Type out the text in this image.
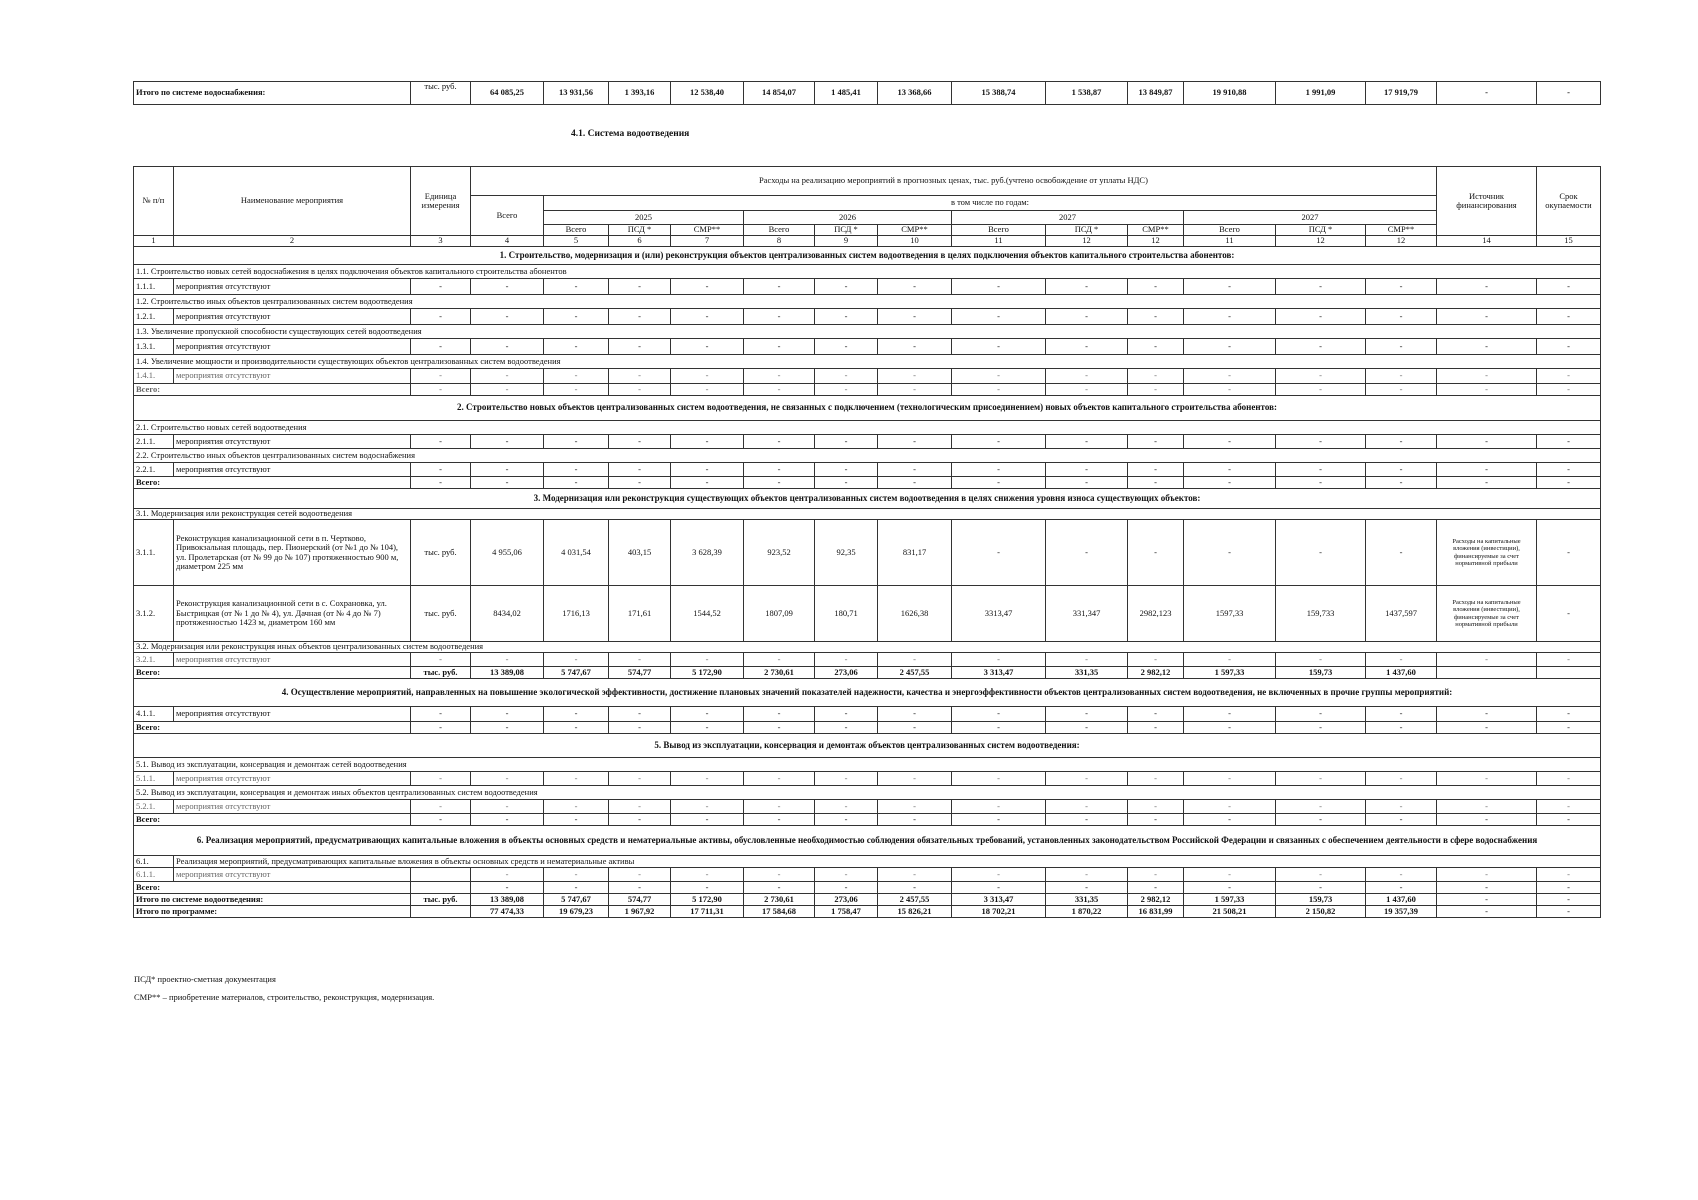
Итого по системе водоснабжения:	тыс. руб.	64 085,25	13 931,56	1 393,16	12 538,40	14 854,07	1 485,41	13 368,66	15 388,74	1 538,87	13 849,87	19 910,88	1 991,09	17 919,79	-	-
4.1. Система водоотведения
№ п/п	Наименование мероприятия	Единица измерения	Расходы на реализацию мероприятий в прогнозных ценах, тыс. руб.(учтено освобождение от уплаты НДС)													Источник финансирования	Срок окупаемости
			Всего	в том числе по годам:													
				2025			2026			2027			2027				
				Всего	ПСД *	СМР**	Всего	ПСД *	СМР**	Всего	ПСД *	СМР**	Всего	ПСД *	СМР**		
1	2	3	4	5	6	7	8	9	10	11	12	12	11	12	12	14	15
1. Строительство, модернизация и (или) реконструкция объектов централизованных систем водоотведения в целях подключения объектов капитального строительства абонентов:																	
1.1. Строительство новых сетей водоснабжения в целях подключения объектов капитального строительства абонентов																	
1.1.1.	мероприятия отсутствуют	-	-	-	-	-	-	-	-	-	-	-	-	-	-	-	-
1.2. Строительство иных объектов централизованных систем водоотведения																	
1.2.1.	мероприятия отсутствуют	-	-	-	-	-	-	-	-	-	-	-	-	-	-	-	-
1.3. Увеличение пропускной способности существующих сетей водоотведения																	
1.3.1.	мероприятия отсутствуют	-	-	-	-	-	-	-	-	-	-	-	-	-	-	-	-
1.4. Увеличение мощности и производительности существующих объектов централизованных систем водоотведения																	
1.4.1.	мероприятия отсутствуют	-	-	-	-	-	-	-	-	-	-	-	-	-	-	-	-
Всего:		-	-	-	-	-	-	-	-	-	-	-	-	-	-	-	-
2. Строительство новых объектов централизованных систем водоотведения, не связанных с подключением (технологическим присоединением) новых объектов капитального строительства абонентов:																	
2.1. Строительство новых сетей водоотведения																	
2.1.1.	мероприятия отсутствуют	-	-	-	-	-	-	-	-	-	-	-	-	-	-	-	-
2.2. Строительство иных объектов централизованных систем водоснабжения																	
2.2.1.	мероприятия отсутствуют	-	-	-	-	-	-	-	-	-	-	-	-	-	-	-	-
Всего:		-	-	-	-	-	-	-	-	-	-	-	-	-	-	-	-
3. Модернизация или реконструкция существующих объектов централизованных систем водоотведения в целях снижения уровня износа существующих объектов:																	
3.1. Модернизация или реконструкция сетей водоотведения																	
3.1.1.	Реконструкция канализационной сети в п. Чертково, Привокзальная площадь, пер. Пионерский (от №1 до № 104), ул. Пролетарская (от № 99 до № 107) протяженностью 900 м, диаметром 225 мм	тыс. руб.	4 955,06	4 031,54	403,15	3 628,39	923,52	92,35	831,17	-	-	-	-	-	-	Расходы на капитальные вложения (инвестиции), финансируемые за счет нормативной прибыли	-
3.1.2.	Реконструкция канализационной сети в с. Сохрановка, ул. Быстрицкая (от № 1 до № 4), ул. Дачная (от № 4 до № 7) протяженностью 1423 м, диаметром 160 мм	тыс. руб.	8434,02	1716,13	171,61	1544,52	1807,09	180,71	1626,38	3313,47	331,347	2982,123	1597,33	159,733	1437,597	Расходы на капитальные вложения (инвестиции), финансируемые за счет нормативной прибыли	-
3.2. Модернизация или реконструкция иных объектов централизованных систем водоотведения																	
3.2.1.	мероприятия отсутствуют	-	-	-	-	-	-	-	-	-	-	-	-	-	-	-	-
Всего:		тыс. руб.	13 389,08	5 747,67	574,77	5 172,90	2 730,61	273,06	2 457,55	3 313,47	331,35	2 982,12	1 597,33	159,73	1 437,60		
4. Осуществление мероприятий, направленных на повышение экологической эффективности, достижение плановых значений показателей надежности, качества и энергоэффективности объектов централизованных систем водоотведения, не включенных в прочие группы мероприятий:																	
4.1.1.	мероприятия отсутствуют	-	-	-	-	-	-	-	-	-	-	-	-	-	-	-	-
Всего:		-	-	-	-	-	-	-	-	-	-	-	-	-	-	-	-
5. Вывод из эксплуатации, консервация и демонтаж объектов централизованных систем водоотведения:																	
5.1. Вывод из эксплуатации, консервация и демонтаж сетей водоотведения																	
5.1.1.	мероприятия отсутствуют	-	-	-	-	-	-	-	-	-	-	-	-	-	-	-	-
5.2. Вывод из эксплуатации, консервация и демонтаж иных объектов централизованных систем водоотведения																	
5.2.1.	мероприятия отсутствуют	-	-	-	-	-	-	-	-	-	-	-	-	-	-	-	-
Всего:		-	-	-	-	-	-	-	-	-	-	-	-	-	-	-	-
6. Реализация мероприятий, предусматривающих капитальные вложения в объекты основных средств и нематериальные активы, обусловленные необходимостью соблюдения обязательных требований, установленных законодательством Российской Федерации и связанных с обеспечением деятельности в сфере водоснабжения																	
6.1.	Реализация мероприятий, предусматривающих капитальные вложения в объекты основных средств и нематериальные активы																
6.1.1.	мероприятия отсутствуют		-	-	-	-	-	-	-	-	-	-	-	-	-	-	-
Всего:			-	-	-	-	-	-	-	-	-	-	-	-	-	-	-
Итого по системе водоотведения:		тыс. руб.	13 389,08	5 747,67	574,77	5 172,90	2 730,61	273,06	2 457,55	3 313,47	331,35	2 982,12	1 597,33	159,73	1 437,60	-	-
Итого по программе:			77 474,33	19 679,23	1 967,92	17 711,31	17 584,68	1 758,47	15 826,21	18 702,21	1 870,22	16 831,99	21 508,21	2 150,82	19 357,39	-	-
ПСД* проектно-сметная документация
СМР** – приобретение материалов, строительство, реконструкция, модернизация.
